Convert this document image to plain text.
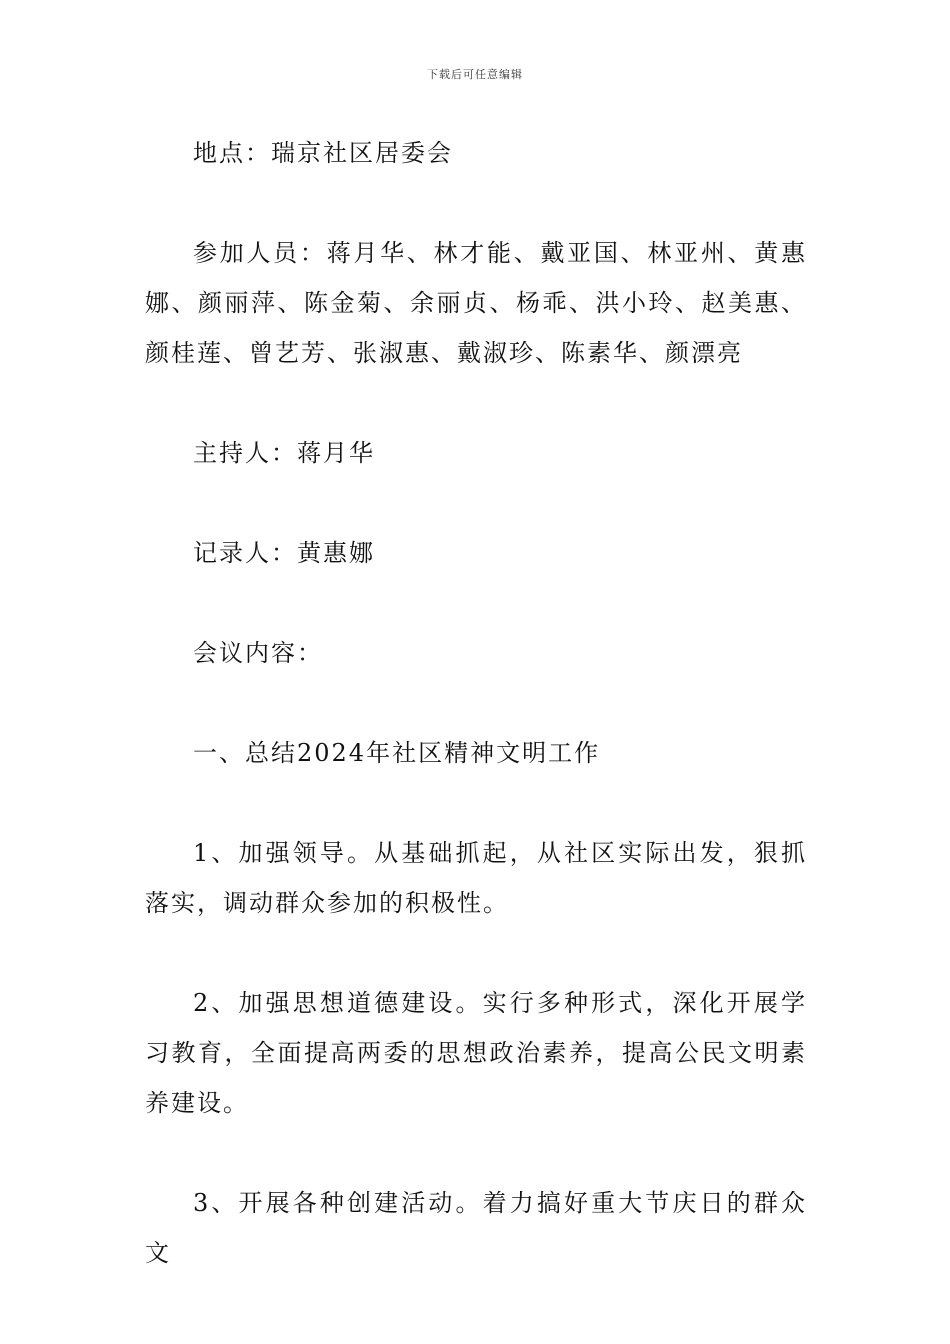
下载后可任意编辑

地点：瑞京社区居委会

参加人员：蒋月华、林才能、戴亚国、林亚州、黄惠娜、颜丽萍、陈金菊、余丽贞、杨乖、洪小玲、赵美惠、颜桂莲、曾艺芳、张淑惠、戴淑珍、陈素华、颜漂亮

主持人：蒋月华

记录人：黄惠娜

会议内容：

一、总结2024年社区精神文明工作

1、加强领导。从基础抓起，从社区实际出发，狠抓落实，调动群众参加的积极性。

2、加强思想道德建设。实行多种形式，深化开展学习教育，全面提高两委的思想政治素养，提高公民文明素养建设。

3、开展各种创建活动。着力搞好重大节庆日的群众文
